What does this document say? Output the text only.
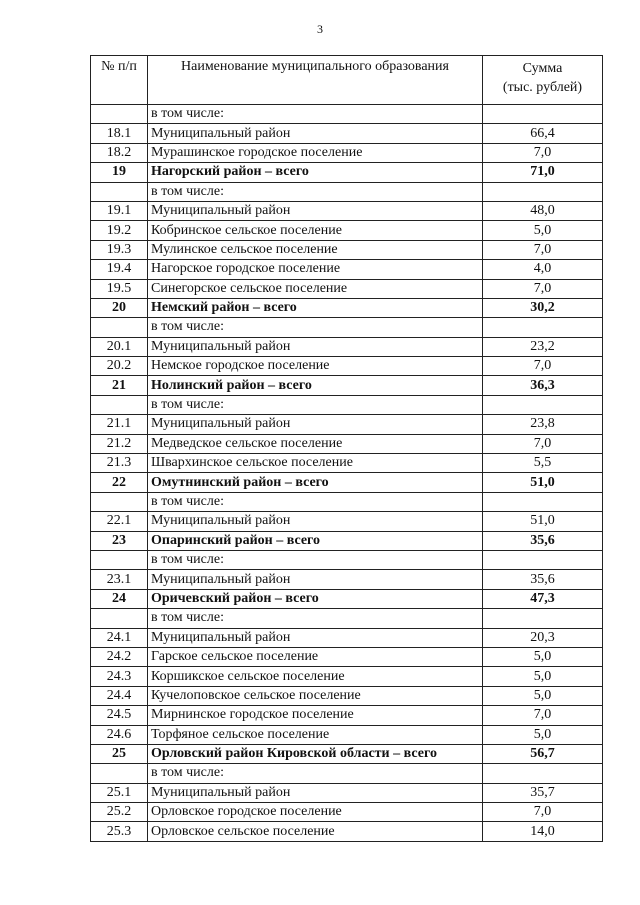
3
№ п/п	Наименование муниципального образования	Сумма
(тыс. рублей)
	в том числе:	
18.1	Муниципальный район	66,4
18.2	Мурашинское городское поселение	7,0
19	Нагорский район – всего	71,0
	в том числе:	
19.1	Муниципальный район	48,0
19.2	Кобринское сельское поселение	5,0
19.3	Мулинское сельское поселение	7,0
19.4	Нагорское городское поселение	4,0
19.5	Синегорское сельское поселение	7,0
20	Немский район – всего	30,2
	в том числе:	
20.1	Муниципальный район	23,2
20.2	Немское городское поселение	7,0
21	Нолинский район – всего	36,3
	в том числе:	
21.1	Муниципальный район	23,8
21.2	Медведское сельское поселение	7,0
21.3	Швархинское сельское поселение	5,5
22	Омутнинский район – всего	51,0
	в том числе:	
22.1	Муниципальный район	51,0
23	Опаринский район – всего	35,6
	в том числе:	
23.1	Муниципальный район	35,6
24	Оричевский район – всего	47,3
	в том числе:	
24.1	Муниципальный район	20,3
24.2	Гарское сельское поселение	5,0
24.3	Коршикское сельское поселение	5,0
24.4	Кучелоповское сельское поселение	5,0
24.5	Мирнинское городское поселение	7,0
24.6	Торфяное сельское поселение	5,0
25	Орловский район Кировской области – всего	56,7
	в том числе:	
25.1	Муниципальный район	35,7
25.2	Орловское городское поселение	7,0
25.3	Орловское сельское поселение	14,0
